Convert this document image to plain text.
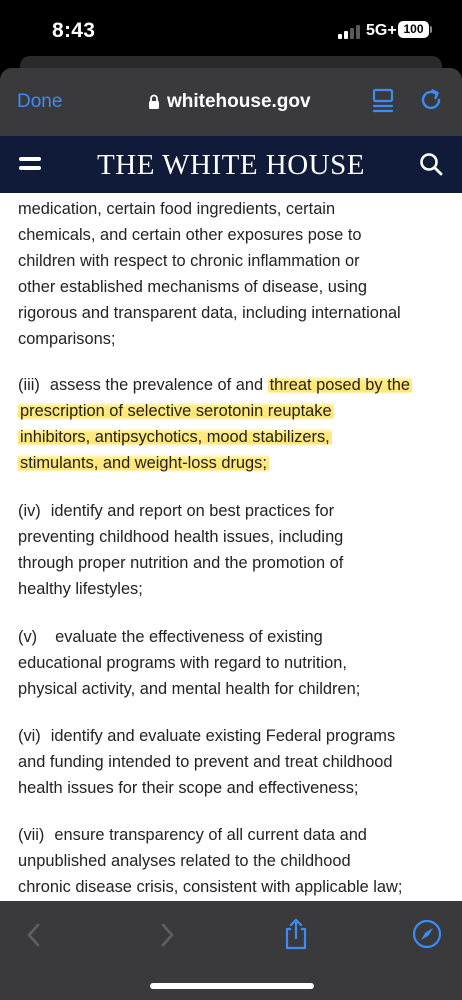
8:43	5G+ 100
Done	whitehouse.gov
THE WHITE HOUSE
medication, certain food ingredients, certain
chemicals, and certain other exposures pose to
children with respect to chronic inflammation or
other established mechanisms of disease, using
rigorous and transparent data, including international
comparisons;
(iii) assess the prevalence of and threat posed by the
prescription of selective serotonin reuptake
inhibitors, antipsychotics, mood stabilizers,
stimulants, and weight-loss drugs;
(iv) identify and report on best practices for
preventing childhood health issues, including
through proper nutrition and the promotion of
healthy lifestyles;
(v) evaluate the effectiveness of existing
educational programs with regard to nutrition,
physical activity, and mental health for children;
(vi) identify and evaluate existing Federal programs
and funding intended to prevent and treat childhood
health issues for their scope and effectiveness;
(vii) ensure transparency of all current data and
unpublished analyses related to the childhood
chronic disease crisis, consistent with applicable law;
